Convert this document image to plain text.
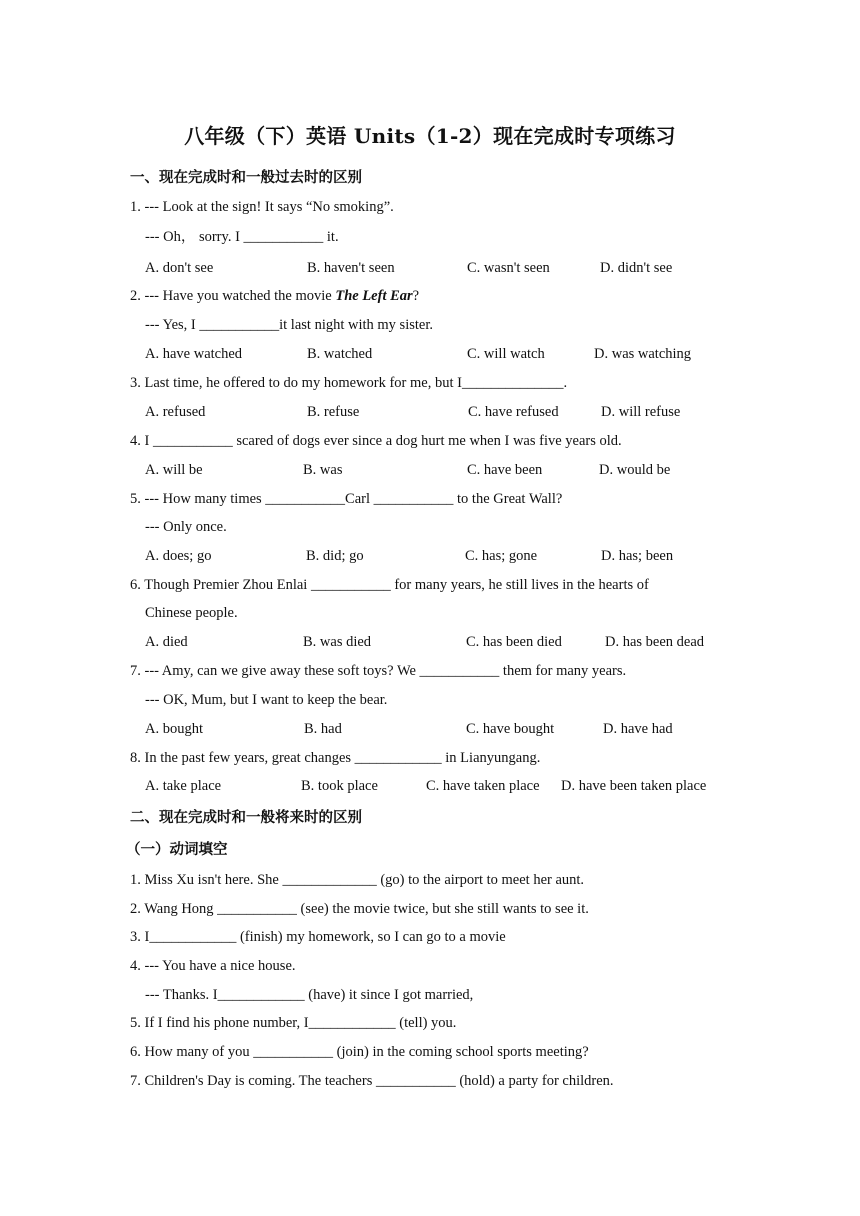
八年级（下）英语 Units（1-2）现在完成时专项练习
一、现在完成时和一般过去时的区别
1. --- Look at the sign! It says “No smoking”.
--- Oh， sorry. I ___________ it.
A. don't see	B. haven't seen	C. wasn't seen	D. didn't see
2. --- Have you watched the movie The Left Ear?
--- Yes, I ___________it last night with my sister.
A. have watched	B. watched	C. will watch	D. was watching
3. Last time, he offered to do my homework for me, but I______________.
A. refused	B. refuse	C. have refused	D. will refuse
4. I ___________ scared of dogs ever since a dog hurt me when I was five years old.
A. will be	B. was	C. have been	D. would be
5. --- How many times ___________Carl ___________ to the Great Wall?
--- Only once.
A. does; go	B. did; go	C. has; gone	D. has; been
6. Though Premier Zhou Enlai ___________ for many years, he still lives in the hearts of
Chinese people.
A. died	B. was died	C. has been died	D. has been dead
7. --- Amy, can we give away these soft toys? We ___________ them for many years.
--- OK, Mum, but I want to keep the bear.
A. bought	B. had	C. have bought	D. have had
8. In the past few years, great changes ____________ in Lianyungang.
A. take place	B. took place	C. have taken place D. have been taken place
二、现在完成时和一般将来时的区别
（一）动词填空
1. Miss Xu isn't here. She _____________ (go) to the airport to meet her aunt.
2. Wang Hong ___________ (see) the movie twice, but she still wants to see it.
3. I____________ (finish) my homework, so I can go to a movie
4. --- You have a nice house.
--- Thanks. I____________ (have) it since I got married,
5. If I find his phone number, I____________ (tell) you.
6. How many of you ___________ (join) in the coming school sports meeting?
7. Children's Day is coming. The teachers ___________ (hold) a party for children.
